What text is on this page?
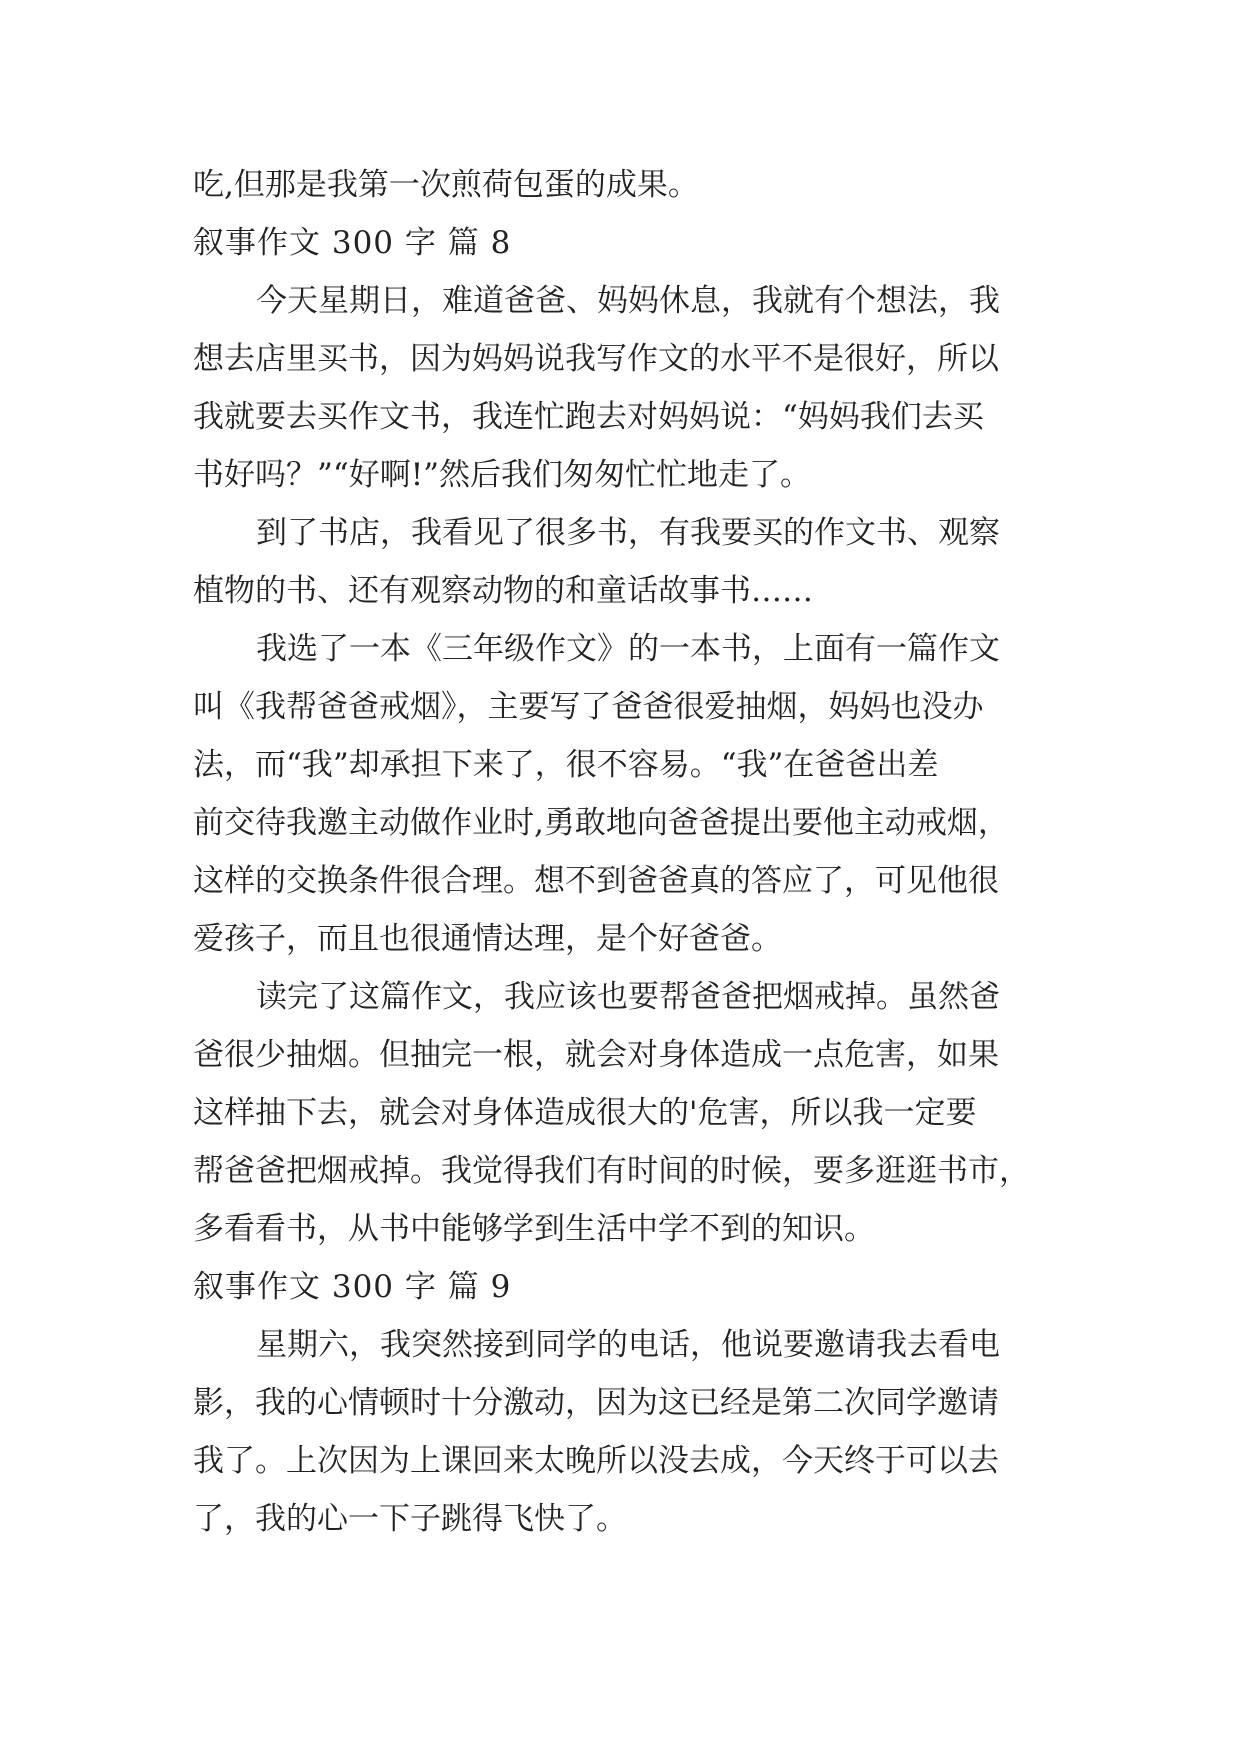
吃,但那是我第一次煎荷包蛋的成果。
叙事作文 300 字 篇 8
今天星期日，难道爸爸、妈妈休息，我就有个想法，我
想去店里买书，因为妈妈说我写作文的水平不是很好，所以
我就要去买作文书，我连忙跑去对妈妈说：“妈妈我们去买
书好吗？”“好啊!”然后我们匆匆忙忙地走了。
到了书店，我看见了很多书，有我要买的作文书、观察
植物的书、还有观察动物的和童话故事书……
我选了一本《三年级作文》的一本书，上面有一篇作文
叫《我帮爸爸戒烟》，主要写了爸爸很爱抽烟，妈妈也没办
法，而“我”却承担下来了，很不容易。“我”在爸爸出差
前交待我邀主动做作业时,勇敢地向爸爸提出要他主动戒烟，
这样的交换条件很合理。想不到爸爸真的答应了，可见他很
爱孩子，而且也很通情达理，是个好爸爸。
读完了这篇作文，我应该也要帮爸爸把烟戒掉。虽然爸
爸很少抽烟。但抽完一根，就会对身体造成一点危害，如果
这样抽下去，就会对身体造成很大的'危害，所以我一定要
帮爸爸把烟戒掉。我觉得我们有时间的时候，要多逛逛书市，
多看看书，从书中能够学到生活中学不到的知识。
叙事作文 300 字 篇 9
星期六，我突然接到同学的电话，他说要邀请我去看电
影，我的心情顿时十分激动，因为这已经是第二次同学邀请
我了。上次因为上课回来太晚所以没去成，今天终于可以去
了，我的心一下子跳得飞快了。
